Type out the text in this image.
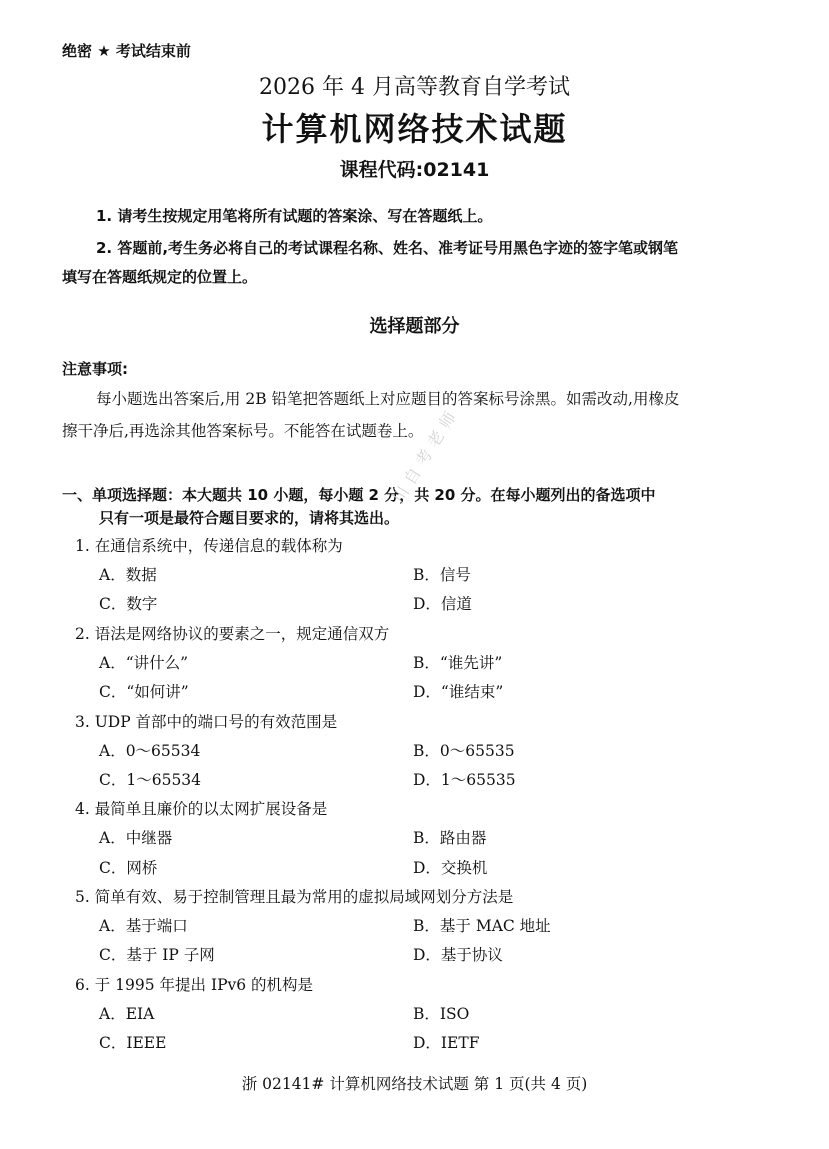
绝密 ★ 考试结束前
2026 年 4 月高等教育自学考试
计算机网络技术试题
课程代码:02141
1. 请考生按规定用笔将所有试题的答案涂、写在答题纸上。
2. 答题前,考生务必将自己的考试课程名称、姓名、准考证号用黑色字迹的签字笔或钢笔
填写在答题纸规定的位置上。
选择题部分
注意事项:
每小题选出答案后,用 2B 铅笔把答题纸上对应题目的答案标号涂黑。如需改动,用橡皮
擦干净后,再选涂其他答案标号。不能答在试题卷上。
一、单项选择题：本大题共 10 小题，每小题 2 分，共 20 分。在每小题列出的备选项中
只有一项是最符合题目要求的，请将其选出。
川自考老师
1. 在通信系统中，传递信息的载体称为
A．数据	B．信号
C．数字	D．信道
2. 语法是网络协议的要素之一，规定通信双方
A．“讲什么”	B．“谁先讲”
C．“如何讲”	D．“谁结束”
3. UDP 首部中的端口号的有效范围是
A．0～65534	B．0～65535
C．1～65534	D．1～65535
4. 最简单且廉价的以太网扩展设备是
A．中继器	B．路由器
C．网桥	D．交换机
5. 简单有效、易于控制管理且最为常用的虚拟局域网划分方法是
A．基于端口	B．基于 MAC 地址
C．基于 IP 子网	D．基于协议
6. 于 1995 年提出 IPv6 的机构是
A．EIA	B．ISO
C．IEEE	D．IETF
浙 02141# 计算机网络技术试题 第 1 页(共 4 页)
